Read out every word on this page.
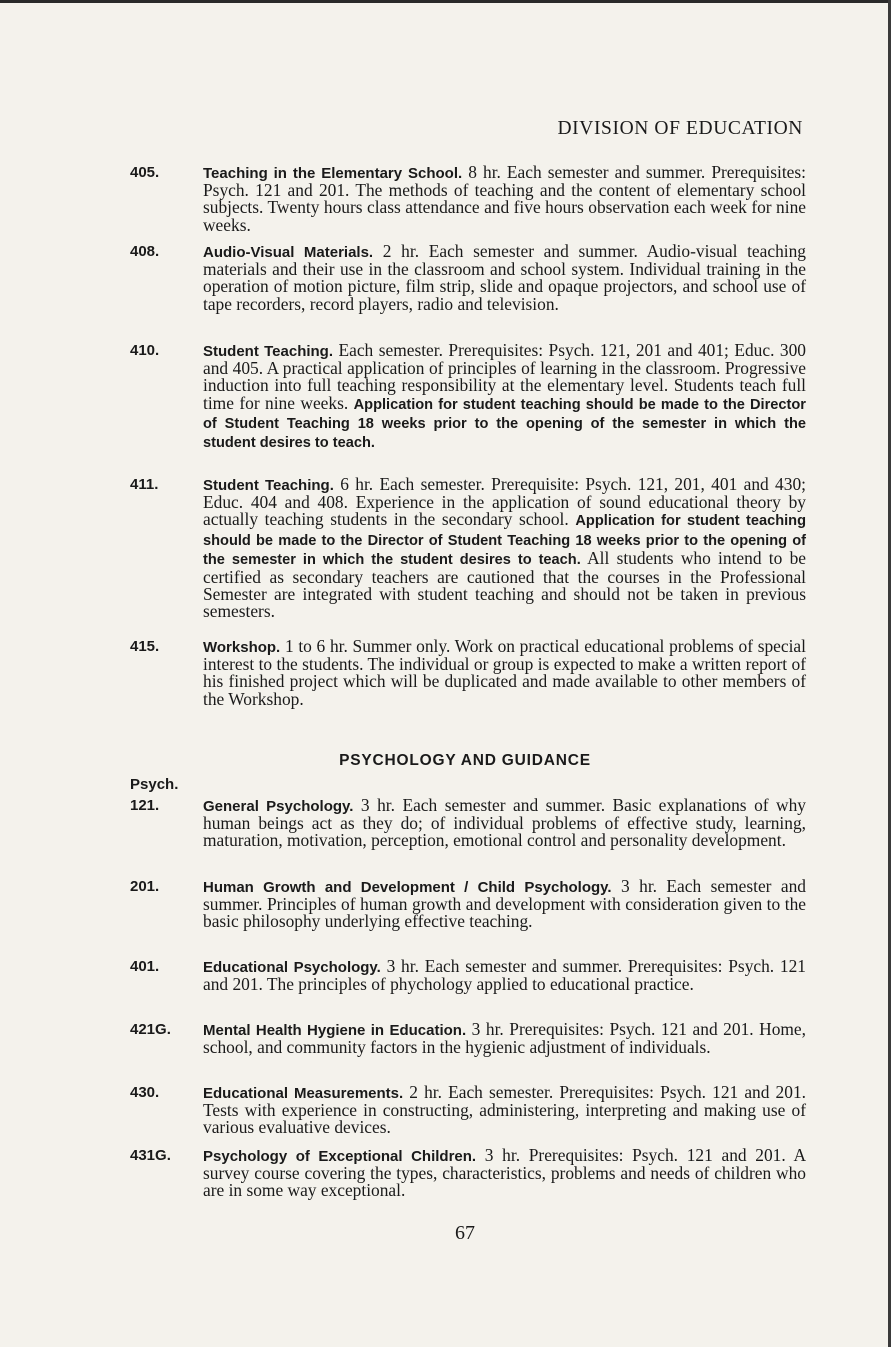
DIVISION OF EDUCATION
405.	Teaching in the Elementary School. 8 hr. Each semester and summer. Prerequisites: Psych. 121 and 201. The methods of teaching and the content of elementary school subjects. Twenty hours class attendance and five hours observation each week for nine weeks.
408.	Audio-Visual Materials. 2 hr. Each semester and summer. Audio-visual teaching materials and their use in the classroom and school system. Individual training in the operation of motion picture, film strip, slide and opaque projectors, and school use of tape recorders, record players, radio and television.
410.	Student Teaching. Each semester. Prerequisites: Psych. 121, 201 and 401; Educ. 300 and 405. A practical application of principles of learning in the classroom. Progressive induction into full teaching responsibility at the elementary level. Students teach full time for nine weeks. Application for student teaching should be made to the Director of Student Teaching 18 weeks prior to the opening of the semester in which the student desires to teach.
411.	Student Teaching. 6 hr. Each semester. Prerequisite: Psych. 121, 201, 401 and 430; Educ. 404 and 408. Experience in the application of sound educational theory by actually teaching students in the secondary school. Application for student teaching should be made to the Director of Student Teaching 18 weeks prior to the opening of the semester in which the student desires to teach. All students who intend to be certified as secondary teachers are cautioned that the courses in the Professional Semester are integrated with student teaching and should not be taken in previous semesters.
415.	Workshop. 1 to 6 hr. Summer only. Work on practical educational problems of special interest to the students. The individual or group is expected to make a written report of his finished project which will be duplicated and made available to other members of the Workshop.
PSYCHOLOGY AND GUIDANCE
Psych.
121.	General Psychology. 3 hr. Each semester and summer. Basic explanations of why human beings act as they do; of individual problems of effective study, learning, maturation, motivation, perception, emotional control and personality development.
201.	Human Growth and Development / Child Psychology. 3 hr. Each semester and summer. Principles of human growth and development with consideration given to the basic philosophy underlying effective teaching.
401.	Educational Psychology. 3 hr. Each semester and summer. Prerequisites: Psych. 121 and 201. The principles of phychology applied to educational practice.
421G.	Mental Health Hygiene in Education. 3 hr. Prerequisites: Psych. 121 and 201. Home, school, and community factors in the hygienic adjustment of individuals.
430.	Educational Measurements. 2 hr. Each semester. Prerequisites: Psych. 121 and 201. Tests with experience in constructing, administering, interpreting and making use of various evaluative devices.
431G.	Psychology of Exceptional Children. 3 hr. Prerequisites: Psych. 121 and 201. A survey course covering the types, characteristics, problems and needs of children who are in some way exceptional.
67
